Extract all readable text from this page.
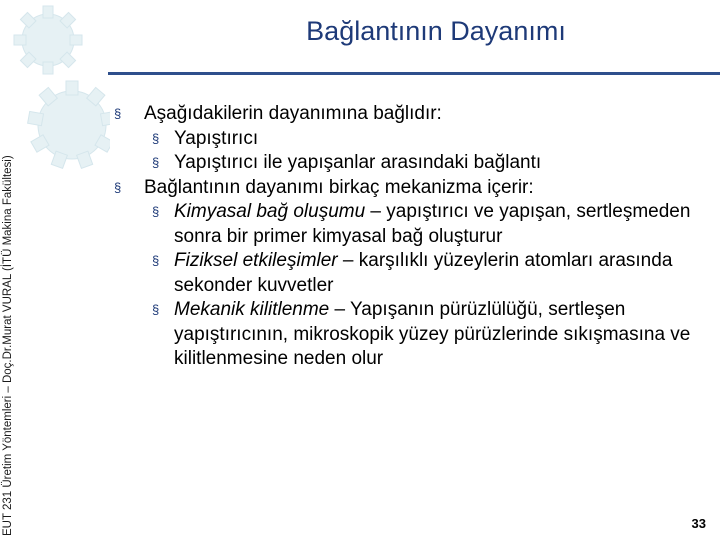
EUT 231 Üretim Yöntemleri – Doç.Dr.Murat VURAL (İTÜ Makina Fakültesi)
Bağlantının Dayanımı
§ Aşağıdakilerin dayanımına bağlıdır:
§ Yapıştırıcı
§ Yapıştırıcı ile yapışanlar arasındaki bağlantı
§ Bağlantının dayanımı birkaç mekanizma içerir:
§ Kimyasal bağ oluşumu – yapıştırıcı ve yapışan, sertleşmeden sonra bir primer kimyasal bağ oluşturur
§ Fiziksel etkileşimler – karşılıklı yüzeylerin atomları arasında sekonder kuvvetler
§ Mekanik kilitlenme – Yapışanın pürüzlülüğü, sertleşen yapıştırıcının, mikroskopik yüzey pürüzlerinde sıkışmasına ve kilitlenmesine neden olur
33
